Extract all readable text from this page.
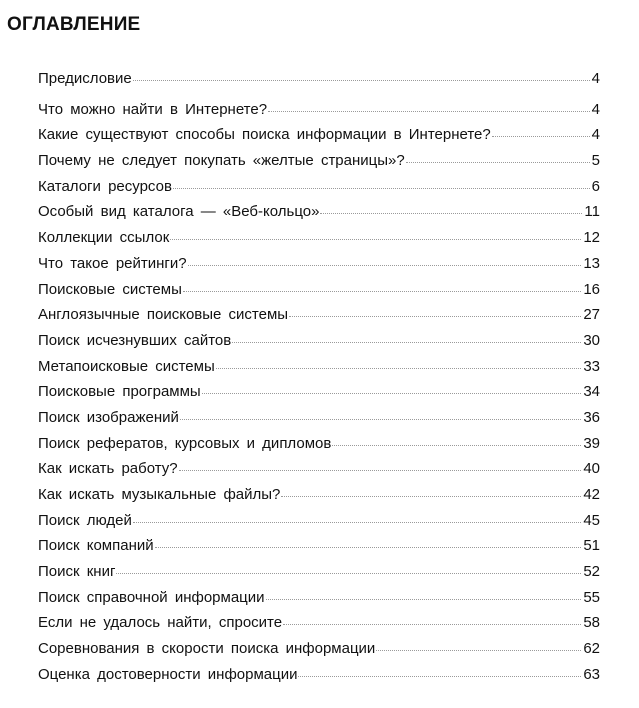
ОГЛАВЛЕНИЕ
Предисловие	4
Что можно найти в Интернете?	4
Какие существуют способы поиска информации в Интернете?	4
Почему не следует покупать «желтые страницы»?	5
Каталоги ресурсов	6
Особый вид каталога — «Веб-кольцо»	11
Коллекции ссылок	12
Что такое рейтинги?	13
Поисковые системы	16
Англоязычные поисковые системы	27
Поиск исчезнувших сайтов	30
Метапоисковые системы	33
Поисковые программы	34
Поиск изображений	36
Поиск рефератов, курсовых и дипломов	39
Как искать работу?	40
Как искать музыкальные файлы?	42
Поиск людей	45
Поиск компаний	51
Поиск книг	52
Поиск справочной информации	55
Если не удалось найти, спросите	58
Соревнования в скорости поиска информации	62
Оценка достоверности информации	63
